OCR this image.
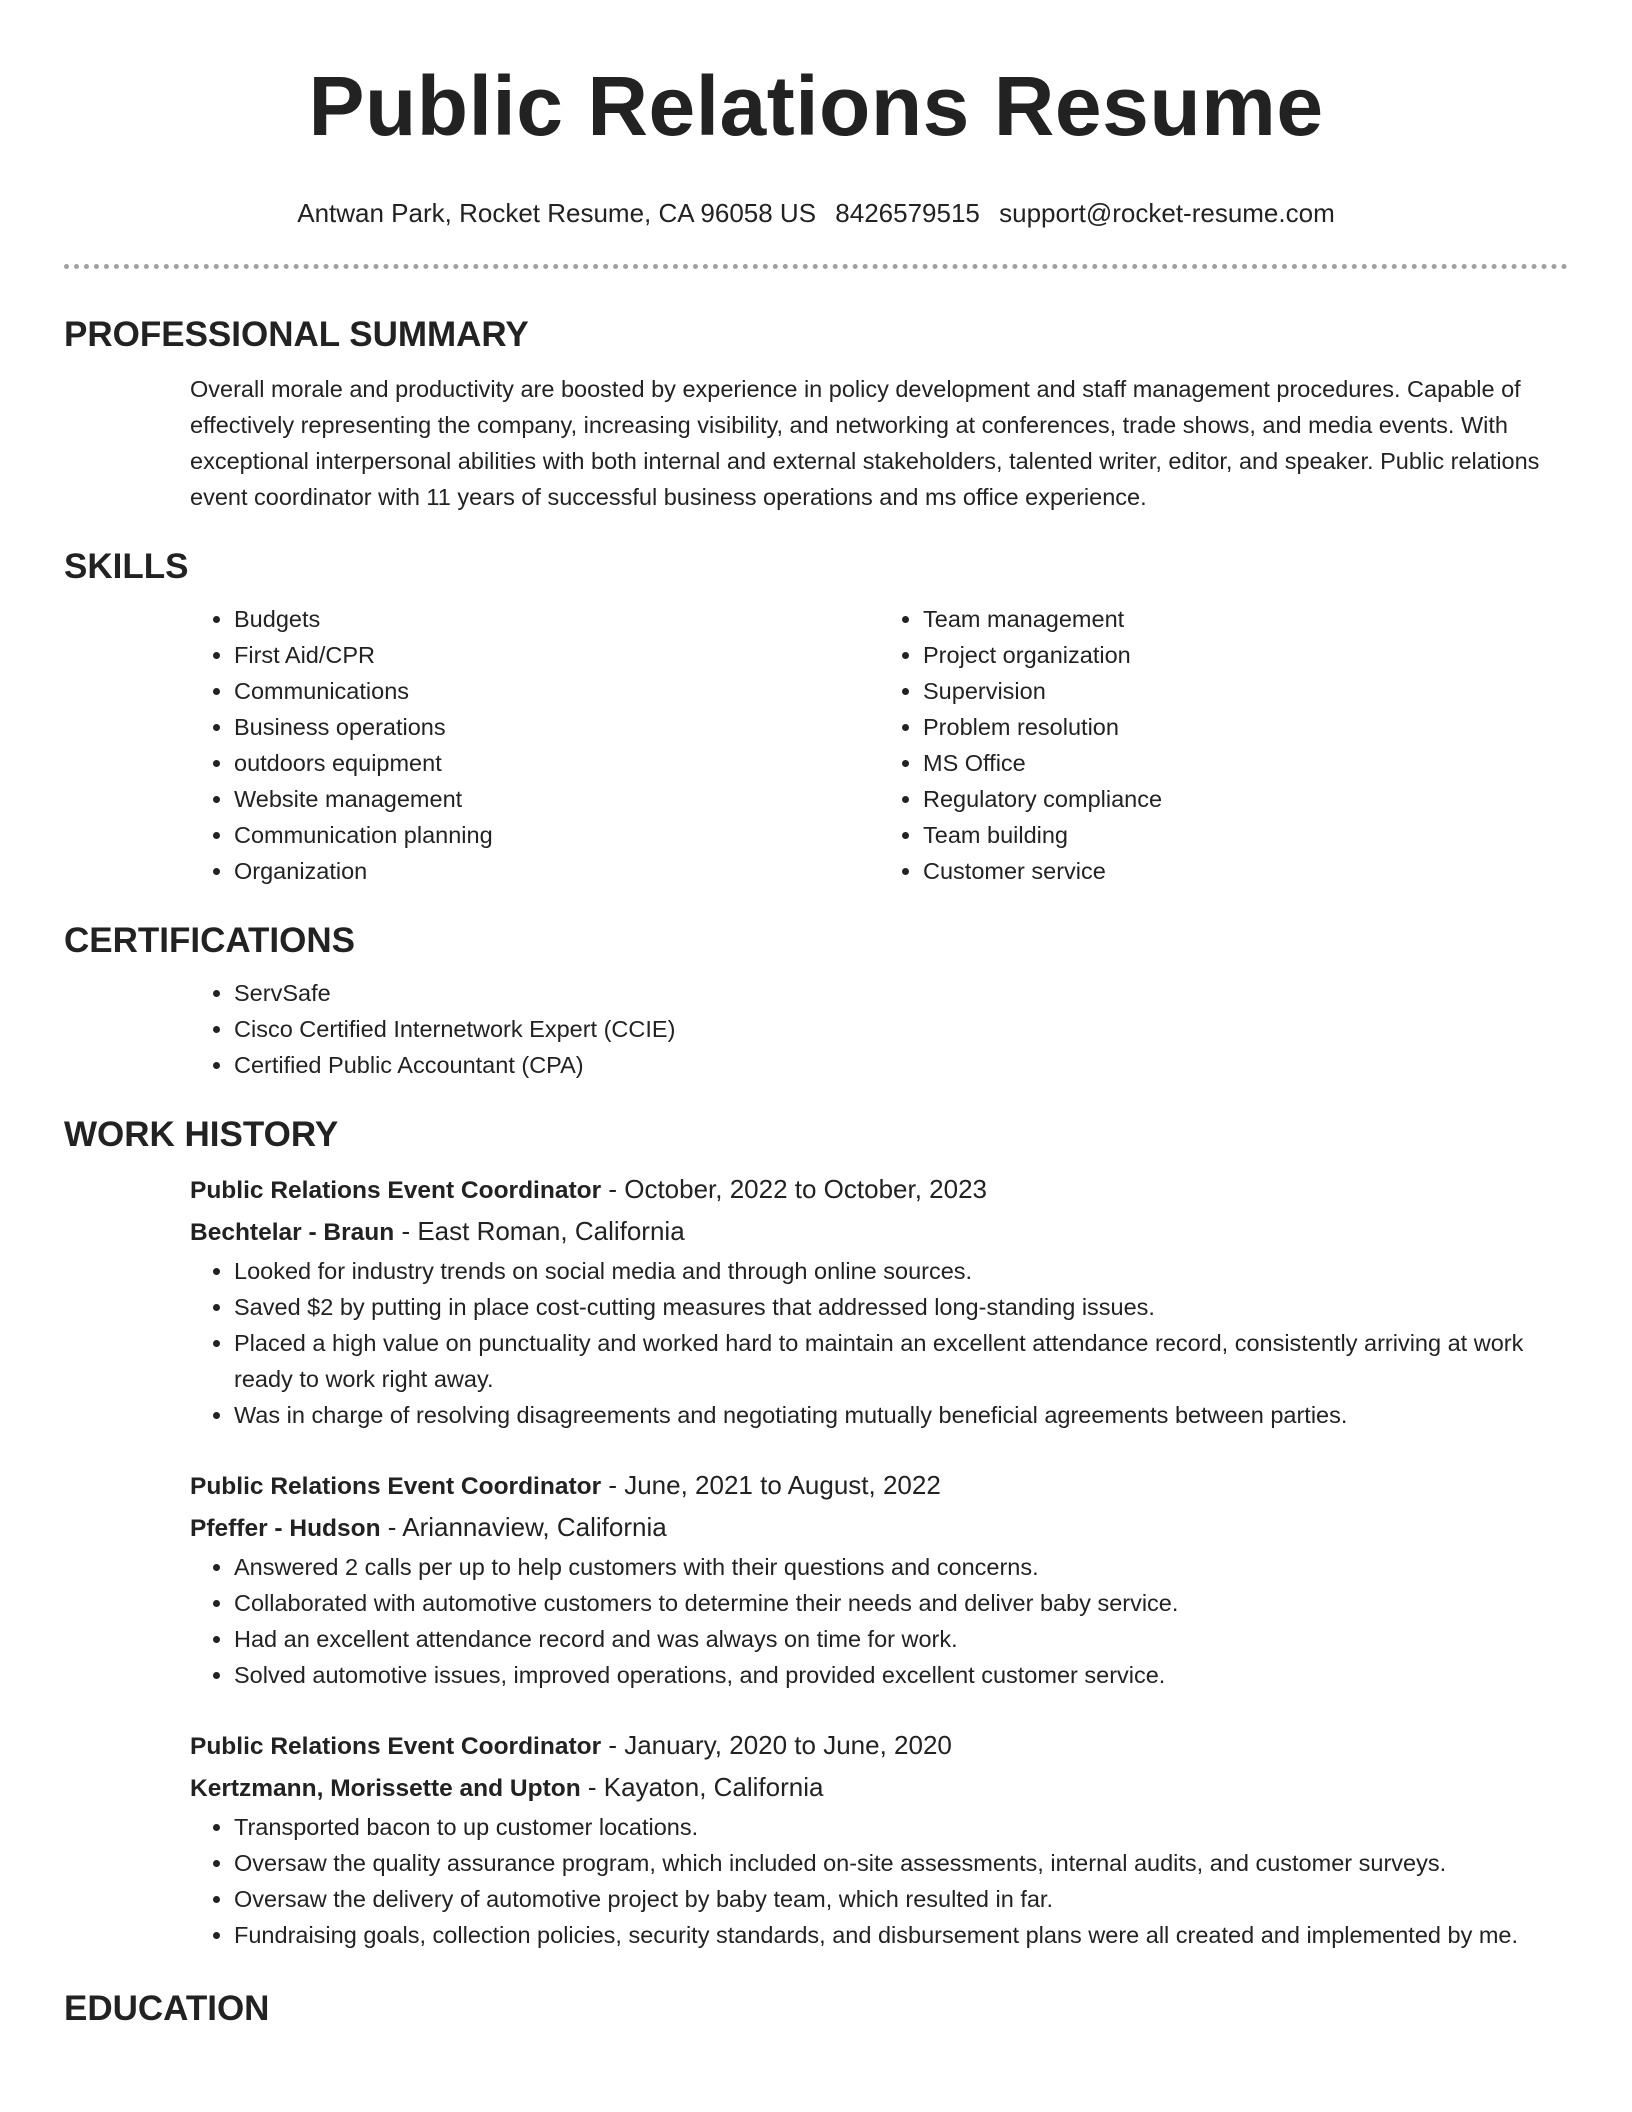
Public Relations Resume
Antwan Park, Rocket Resume, CA 96058 US 8426579515 support@rocket-resume.com
PROFESSIONAL SUMMARY

Overall morale and productivity are boosted by experience in policy development and staff management procedures. Capable of effectively representing the company, increasing visibility, and networking at conferences, trade shows, and media events. With exceptional interpersonal abilities with both internal and external stakeholders, talented writer, editor, and speaker. Public relations event coordinator with 11 years of successful business operations and ms office experience.

SKILLS
• Budgets
• First Aid/CPR
• Communications
• Business operations
• outdoors equipment
• Website management
• Communication planning
• Organization
• Team management
• Project organization
• Supervision
• Problem resolution
• MS Office
• Regulatory compliance
• Team building
• Customer service
CERTIFICATIONS
• ServSafe
• Cisco Certified Internetwork Expert (CCIE)
• Certified Public Accountant (CPA)
WORK HISTORY
Public Relations Event Coordinator - October, 2022 to October, 2023
Bechtelar - Braun - East Roman, California
• Looked for industry trends on social media and through online sources.
• Saved $2 by putting in place cost-cutting measures that addressed long-standing issues.
• Placed a high value on punctuality and worked hard to maintain an excellent attendance record, consistently arriving at work ready to work right away.
• Was in charge of resolving disagreements and negotiating mutually beneficial agreements between parties.
Public Relations Event Coordinator - June, 2021 to August, 2022
Pfeffer - Hudson - Ariannaview, California
• Answered 2 calls per up to help customers with their questions and concerns.
• Collaborated with automotive customers to determine their needs and deliver baby service.
• Had an excellent attendance record and was always on time for work.
• Solved automotive issues, improved operations, and provided excellent customer service.
Public Relations Event Coordinator - January, 2020 to June, 2020
Kertzmann, Morissette and Upton - Kayaton, California
• Transported bacon to up customer locations.
• Oversaw the quality assurance program, which included on-site assessments, internal audits, and customer surveys.
• Oversaw the delivery of automotive project by baby team, which resulted in far.
• Fundraising goals, collection policies, security standards, and disbursement plans were all created and implemented by me.
EDUCATION
